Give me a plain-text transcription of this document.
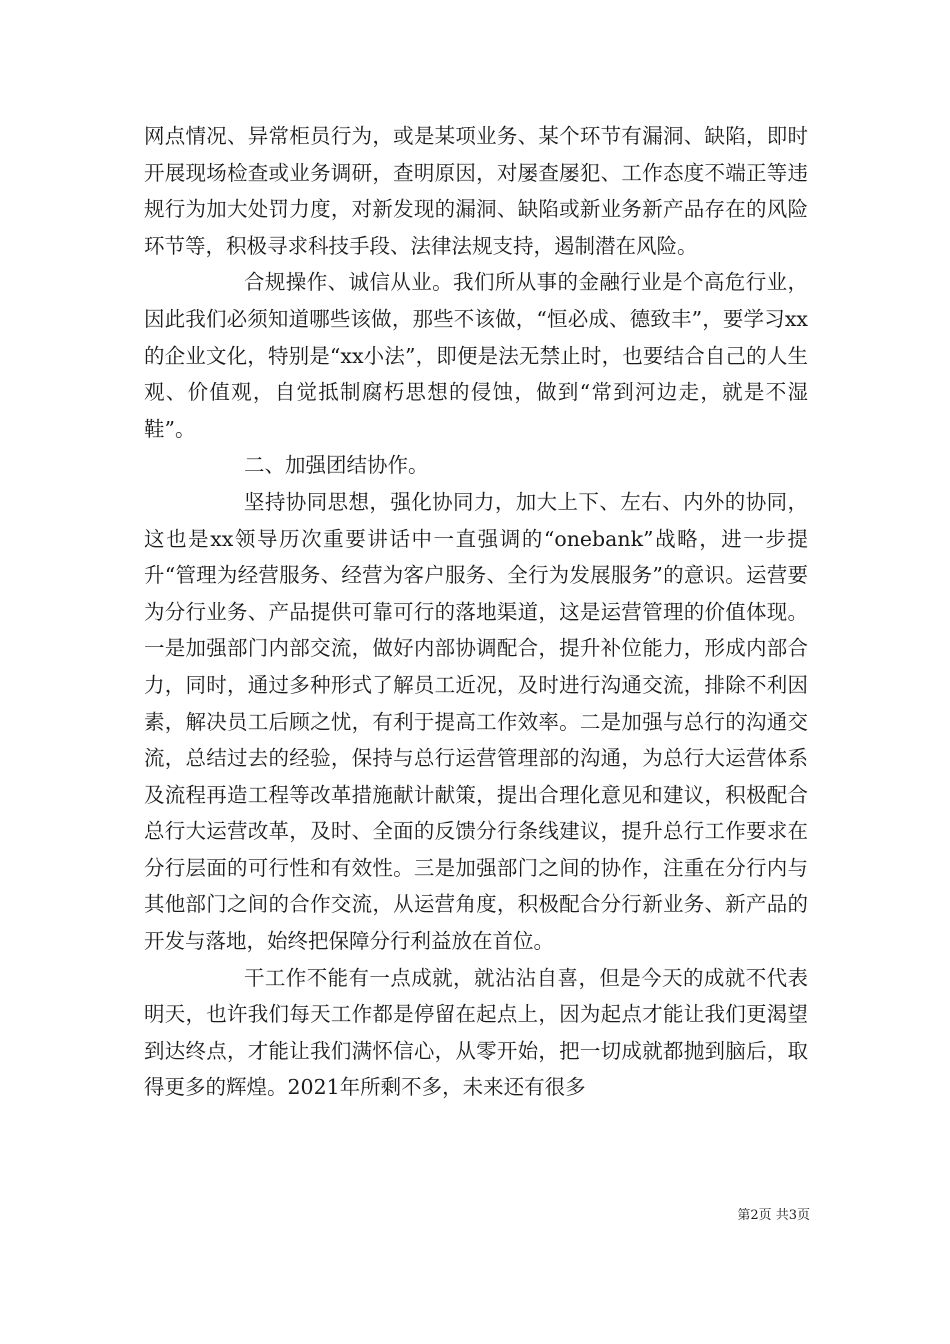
网点情况、异常柜员行为，或是某项业务、某个环节有漏洞、缺陷，即时开展现场检查或业务调研，查明原因，对屡查屡犯、工作态度不端正等违规行为加大处罚力度，对新发现的漏洞、缺陷或新业务新产品存在的风险环节等，积极寻求科技手段、法律法规支持，遏制潜在风险。

合规操作、诚信从业。我们所从事的金融行业是个高危行业，因此我们必须知道哪些该做，那些不该做，“恒必成、德致丰”，要学习xx的企业文化，特别是“xx小法”，即便是法无禁止时，也要结合自己的人生观、价值观，自觉抵制腐朽思想的侵蚀，做到“常到河边走，就是不湿鞋”。

二、加强团结协作。

坚持协同思想，强化协同力，加大上下、左右、内外的协同，这也是xx领导历次重要讲话中一直强调的“onebank”战略，进一步提升“管理为经营服务、经营为客户服务、全行为发展服务”的意识。运营要为分行业务、产品提供可靠可行的落地渠道，这是运营管理的价值体现。一是加强部门内部交流，做好内部协调配合，提升补位能力，形成内部合力，同时，通过多种形式了解员工近况，及时进行沟通交流，排除不利因素，解决员工后顾之忧，有利于提高工作效率。二是加强与总行的沟通交流，总结过去的经验，保持与总行运营管理部的沟通，为总行大运营体系及流程再造工程等改革措施献计献策，提出合理化意见和建议，积极配合总行大运营改革，及时、全面的反馈分行条线建议，提升总行工作要求在分行层面的可行性和有效性。三是加强部门之间的协作，注重在分行内与其他部门之间的合作交流，从运营角度，积极配合分行新业务、新产品的开发与落地，始终把保障分行利益放在首位。

干工作不能有一点成就，就沾沾自喜，但是今天的成就不代表明天，也许我们每天工作都是停留在起点上，因为起点才能让我们更渴望到达终点，才能让我们满怀信心，从零开始，把一切成就都抛到脑后，取得更多的辉煌。2021年所剩不多，未来还有很多

第2页 共3页
